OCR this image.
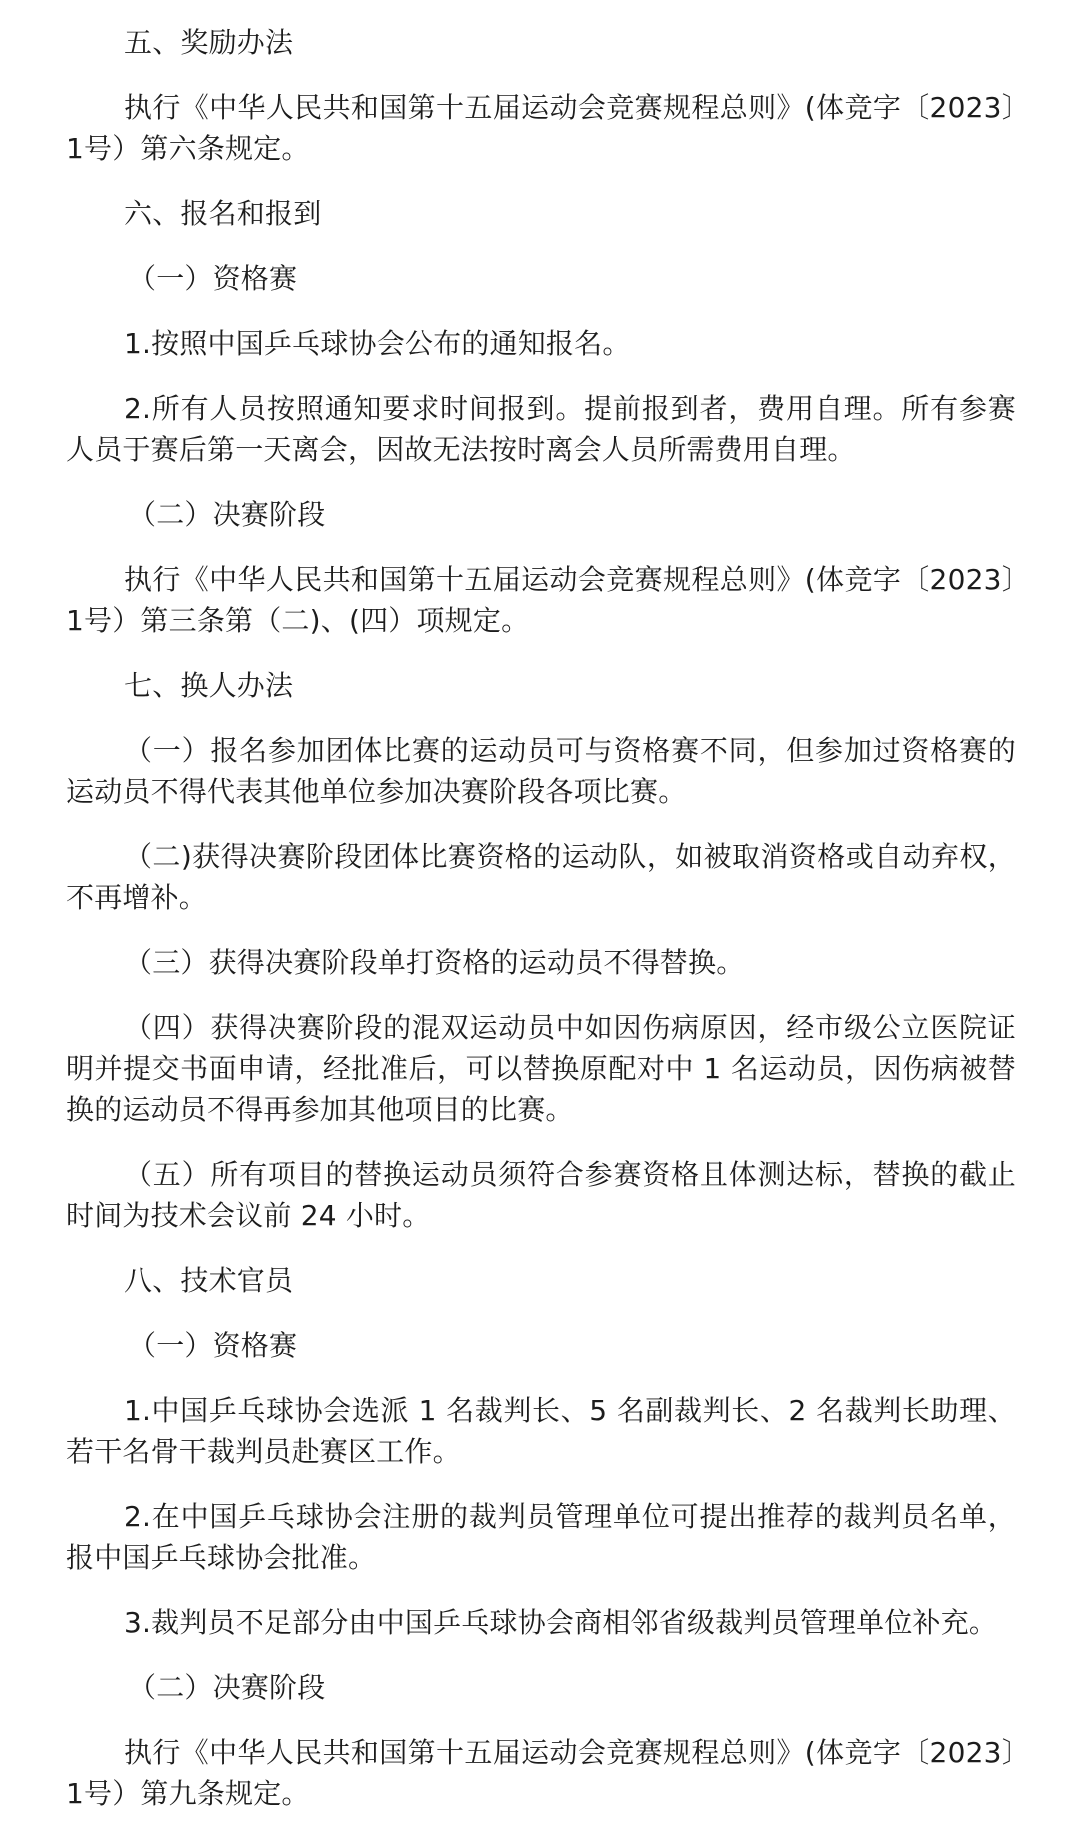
五、奖励办法
执行《中华人民共和国第十五届运动会竞赛规程总则》(体竞字〔2023〕1号）第六条规定。
六、报名和报到
（一）资格赛
1.按照中国乒乓球协会公布的通知报名。
2.所有人员按照通知要求时间报到。提前报到者，费用自理。所有参赛人员于赛后第一天离会，因故无法按时离会人员所需费用自理。
（二）决赛阶段
执行《中华人民共和国第十五届运动会竞赛规程总则》(体竞字〔2023〕1号）第三条第（二)、(四）项规定。
七、换人办法
（一）报名参加团体比赛的运动员可与资格赛不同，但参加过资格赛的运动员不得代表其他单位参加决赛阶段各项比赛。
（二)获得决赛阶段团体比赛资格的运动队，如被取消资格或自动弃权，不再增补。
（三）获得决赛阶段单打资格的运动员不得替换。
（四）获得决赛阶段的混双运动员中如因伤病原因，经市级公立医院证明并提交书面申请，经批准后，可以替换原配对中 1 名运动员，因伤病被替换的运动员不得再参加其他项目的比赛。
（五）所有项目的替换运动员须符合参赛资格且体测达标，替换的截止时间为技术会议前 24 小时。
八、技术官员
（一）资格赛
1.中国乒乓球协会选派 1 名裁判长、5 名副裁判长、2 名裁判长助理、若干名骨干裁判员赴赛区工作。
2.在中国乒乓球协会注册的裁判员管理单位可提出推荐的裁判员名单，报中国乒乓球协会批准。
3.裁判员不足部分由中国乒乓球协会商相邻省级裁判员管理单位补充。
（二）决赛阶段
执行《中华人民共和国第十五届运动会竞赛规程总则》(体竞字〔2023〕1号）第九条规定。
